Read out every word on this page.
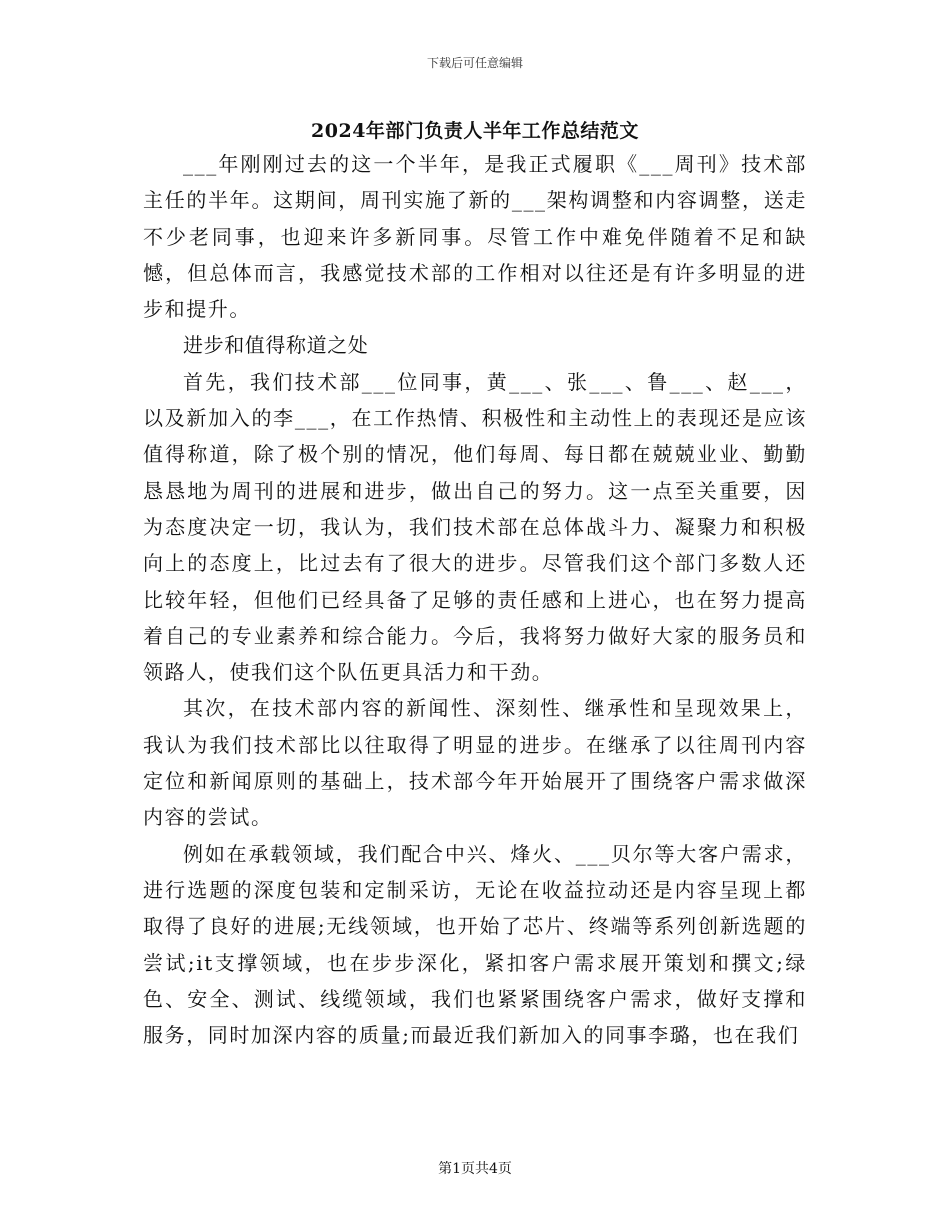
下载后可任意编辑
2024年部门负责人半年工作总结范文

___年刚刚过去的这一个半年，是我正式履职《___周刊》技术部主任的半年。这期间，周刊实施了新的___架构调整和内容调整，送走不少老同事，也迎来许多新同事。尽管工作中难免伴随着不足和缺憾，但总体而言，我感觉技术部的工作相对以往还是有许多明显的进步和提升。

进步和值得称道之处

首先，我们技术部___位同事，黄___、张___、鲁___、赵___，以及新加入的李___，在工作热情、积极性和主动性上的表现还是应该值得称道，除了极个别的情况，他们每周、每日都在兢兢业业、勤勤恳恳地为周刊的进展和进步，做出自己的努力。这一点至关重要，因为态度决定一切，我认为，我们技术部在总体战斗力、凝聚力和积极向上的态度上，比过去有了很大的进步。尽管我们这个部门多数人还比较年轻，但他们已经具备了足够的责任感和上进心，也在努力提高着自己的专业素养和综合能力。今后，我将努力做好大家的服务员和领路人，使我们这个队伍更具活力和干劲。

其次，在技术部内容的新闻性、深刻性、继承性和呈现效果上，我认为我们技术部比以往取得了明显的进步。在继承了以往周刊内容定位和新闻原则的基础上，技术部今年开始展开了围绕客户需求做深内容的尝试。

例如在承载领域，我们配合中兴、烽火、___贝尔等大客户需求，进行选题的深度包装和定制采访，无论在收益拉动还是内容呈现上都取得了良好的进展;无线领域，也开始了芯片、终端等系列创新选题的尝试;it支撑领域，也在步步深化，紧扣客户需求展开策划和撰文;绿色、安全、测试、线缆领域，我们也紧紧围绕客户需求，做好支撑和服务，同时加深内容的质量;而最近我们新加入的同事李璐，也在我们

第1页共4页
